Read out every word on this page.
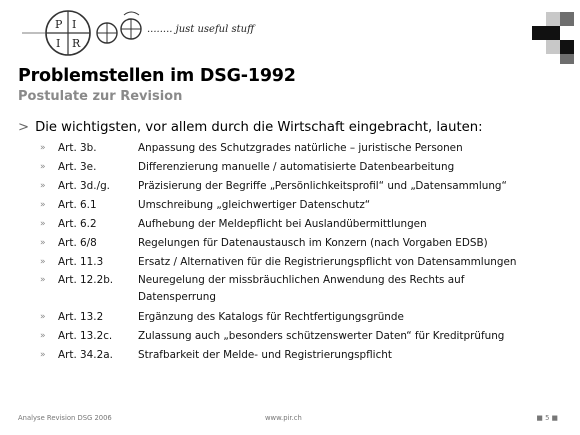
P I
I R
........ just useful stuff
Problemstellen im DSG-1992
Postulate zur Revision
> Die wichtigsten, vor allem durch die Wirtschaft eingebracht, lauten:
» Art. 3b.	Anpassung des Schutzgrades natürliche – juristische Personen
» Art. 3e.	Differenzierung manuelle / automatisierte Datenbearbeitung
» Art. 3d./g.	Präzisierung der Begriffe „Persönlichkeitsprofil“ und „Datensammlung“
» Art. 6.1	Umschreibung „gleichwertiger Datenschutz“
» Art. 6.2	Aufhebung der Meldepflicht bei Auslandübermittlungen
» Art. 6/8	Regelungen für Datenaustausch im Konzern (nach Vorgaben EDSB)
» Art. 11.3	Ersatz / Alternativen für die Registrierungspflicht von Datensammlungen
» Art. 12.2b. Neuregelung der missbräuchlichen Anwendung des Rechts auf Datensperrung
» Art. 13.2	Ergänzung des Katalogs für Rechtfertigungsgründe
» Art. 13.2c. Zulassung auch „besonders schützenswerter Daten“ für Kreditprüfung
» Art. 34.2a. Strafbarkeit der Melde- und Registrierungspflicht
Analyse Revision DSG 2006	www.pir.ch	■ 5 ■
